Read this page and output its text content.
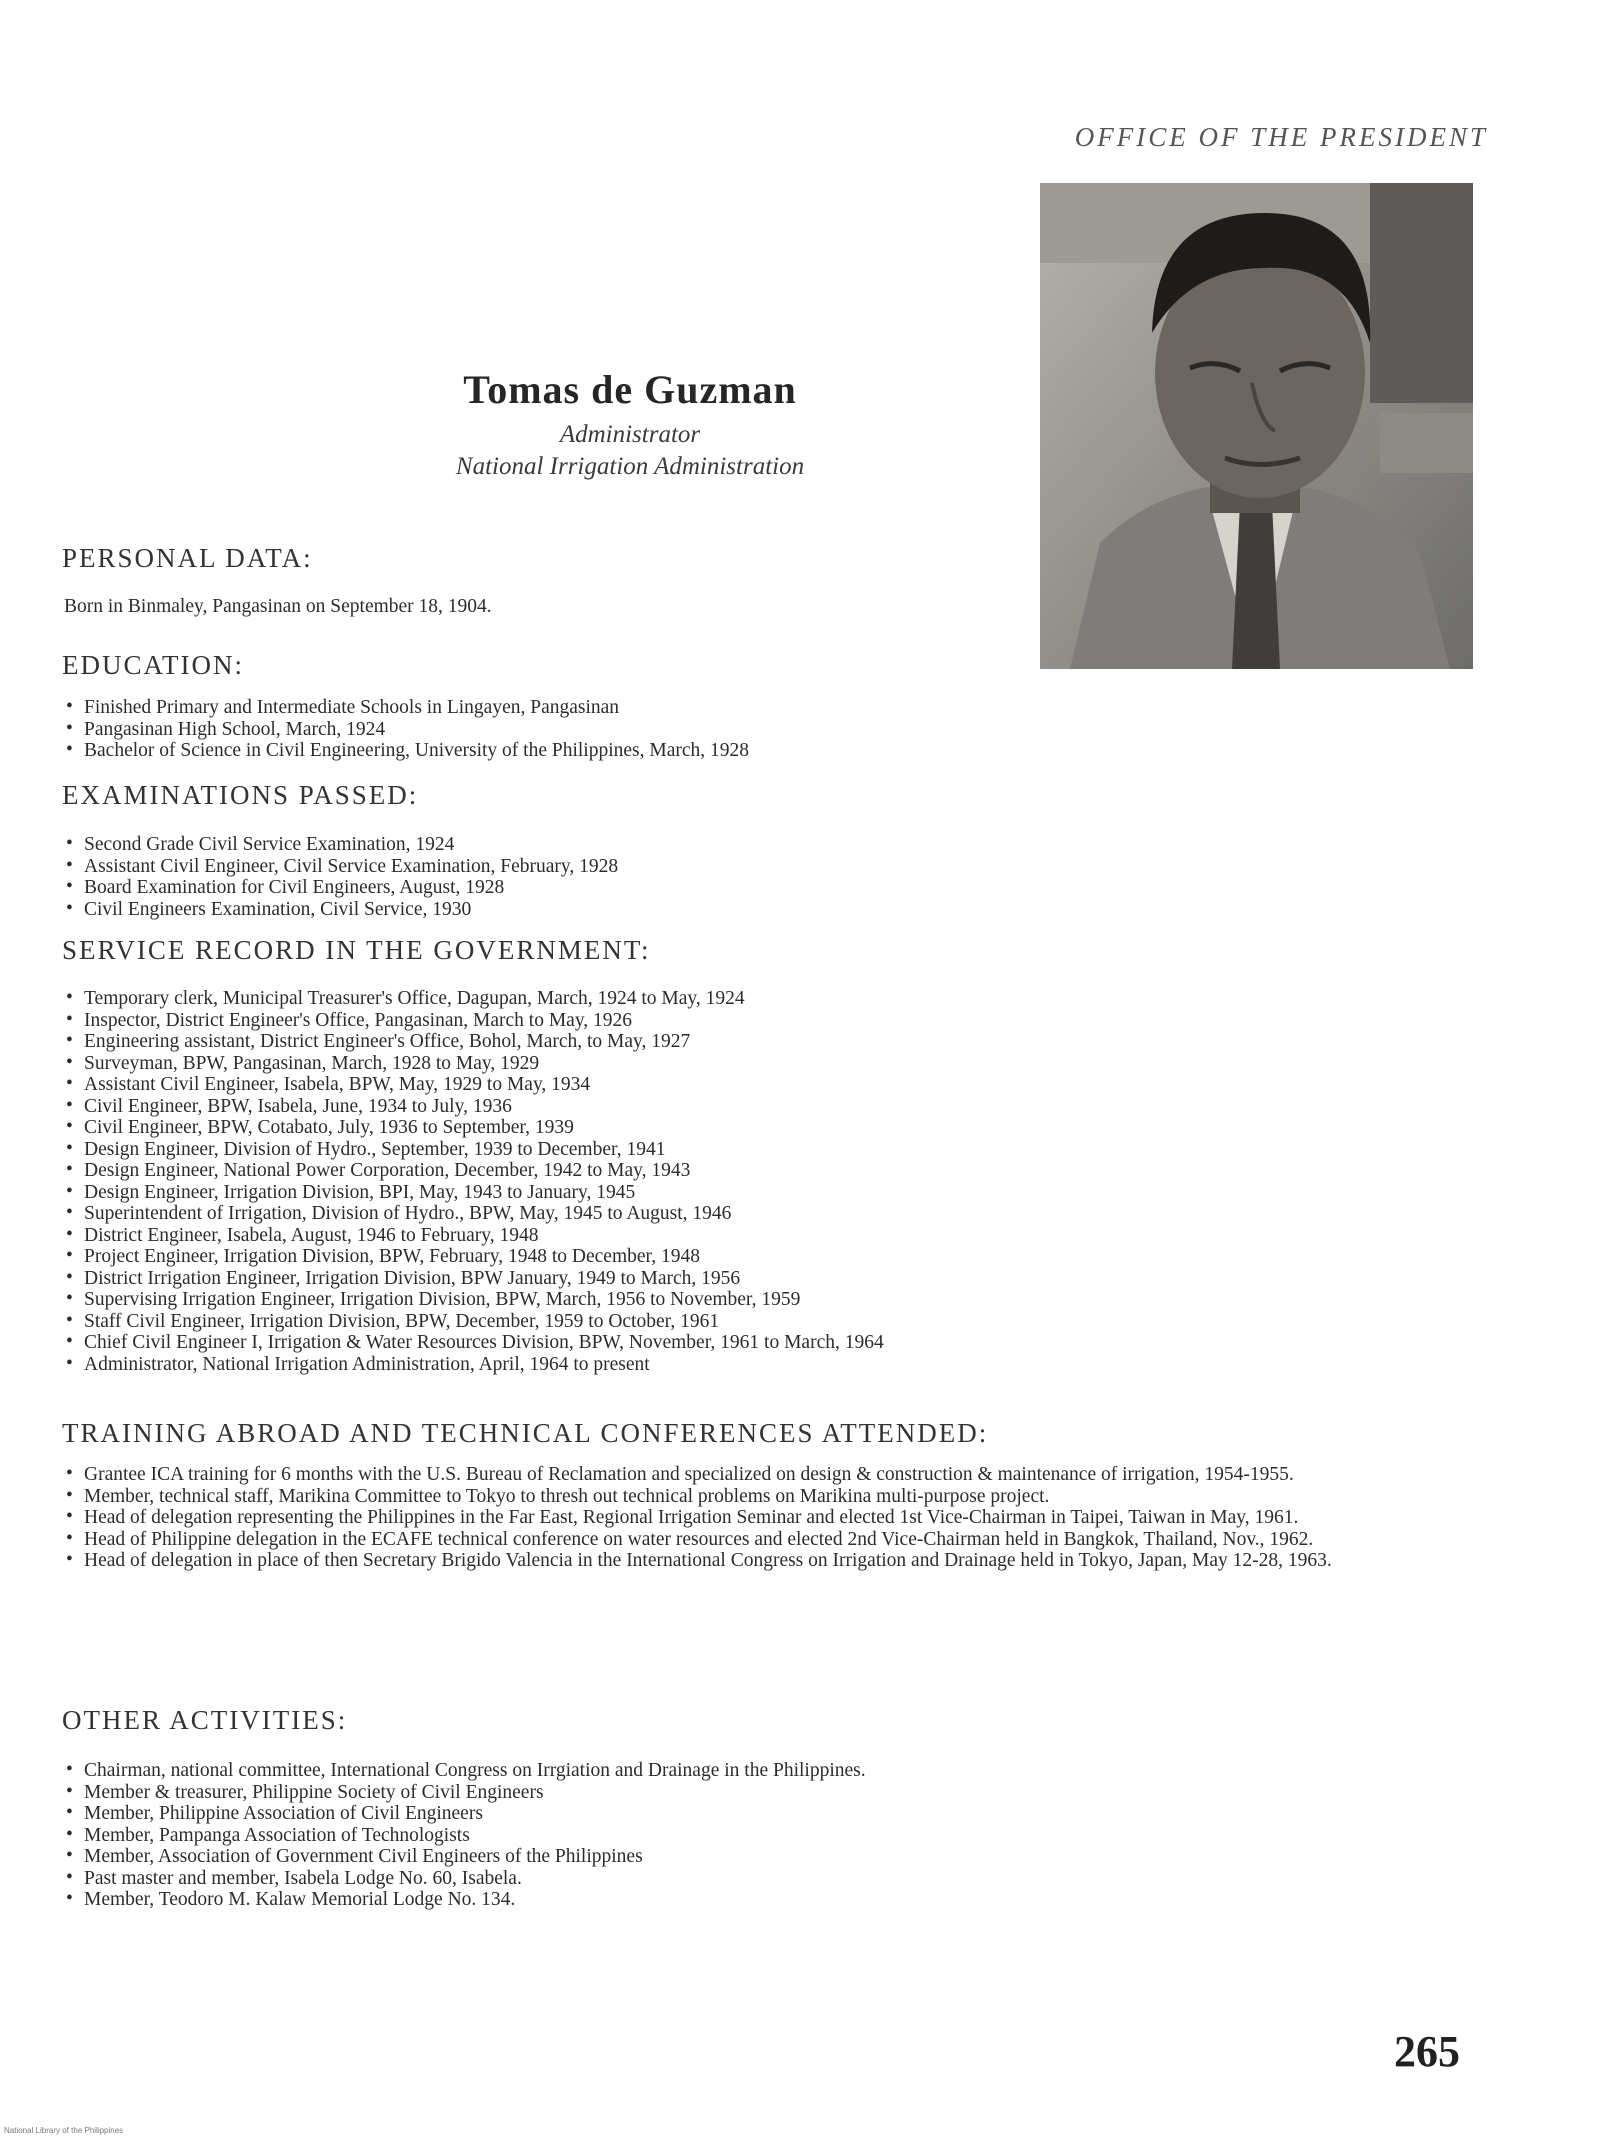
OFFICE OF THE PRESIDENT
Tomas de Guzman
Administrator
National Irrigation Administration
PERSONAL DATA:

Born in Binmaley, Pangasinan on September 18, 1904.

EDUCATION:
• Finished Primary and Intermediate Schools in Lingayen, Pangasinan
• Pangasinan High School, March, 1924
• Bachelor of Science in Civil Engineering, University of the Philippines, March, 1928
EXAMINATIONS PASSED:
• Second Grade Civil Service Examination, 1924
• Assistant Civil Engineer, Civil Service Examination, February, 1928
• Board Examination for Civil Engineers, August, 1928
• Civil Engineers Examination, Civil Service, 1930
SERVICE RECORD IN THE GOVERNMENT:
• Temporary clerk, Municipal Treasurer's Office, Dagupan, March, 1924 to May, 1924
• Inspector, District Engineer's Office, Pangasinan, March to May, 1926
• Engineering assistant, District Engineer's Office, Bohol, March, to May, 1927
• Surveyman, BPW, Pangasinan, March, 1928 to May, 1929
• Assistant Civil Engineer, Isabela, BPW, May, 1929 to May, 1934
• Civil Engineer, BPW, Isabela, June, 1934 to July, 1936
• Civil Engineer, BPW, Cotabato, July, 1936 to September, 1939
• Design Engineer, Division of Hydro., September, 1939 to December, 1941
• Design Engineer, National Power Corporation, December, 1942 to May, 1943
• Design Engineer, Irrigation Division, BPI, May, 1943 to January, 1945
• Superintendent of Irrigation, Division of Hydro., BPW, May, 1945 to August, 1946
• District Engineer, Isabela, August, 1946 to February, 1948
• Project Engineer, Irrigation Division, BPW, February, 1948 to December, 1948
• District Irrigation Engineer, Irrigation Division, BPW January, 1949 to March, 1956
• Supervising Irrigation Engineer, Irrigation Division, BPW, March, 1956 to November, 1959
• Staff Civil Engineer, Irrigation Division, BPW, December, 1959 to October, 1961
• Chief Civil Engineer I, Irrigation & Water Resources Division, BPW, November, 1961 to March, 1964
• Administrator, National Irrigation Administration, April, 1964 to present
TRAINING ABROAD AND TECHNICAL CONFERENCES ATTENDED:
• Grantee ICA training for 6 months with the U.S. Bureau of Reclamation and specialized on design & construction & maintenance of irrigation, 1954-1955.
• Member, technical staff, Marikina Committee to Tokyo to thresh out technical problems on Marikina multi-purpose project.
• Head of delegation representing the Philippines in the Far East, Regional Irrigation Seminar and elected 1st Vice-Chairman in Taipei, Taiwan in May, 1961.
• Head of Philippine delegation in the ECAFE technical conference on water resources and elected 2nd Vice-Chairman held in Bangkok, Thailand, Nov., 1962.
• Head of delegation in place of then Secretary Brigido Valencia in the International Congress on Irrigation and Drainage held in Tokyo, Japan, May 12-28, 1963.
OTHER ACTIVITIES:
• Chairman, national committee, International Congress on Irrgiation and Drainage in the Philippines.
• Member & treasurer, Philippine Society of Civil Engineers
• Member, Philippine Association of Civil Engineers
• Member, Pampanga Association of Technologists
• Member, Association of Government Civil Engineers of the Philippines
• Past master and member, Isabela Lodge No. 60, Isabela.
• Member, Teodoro M. Kalaw Memorial Lodge No. 134.
265
National Library of the Philippines
